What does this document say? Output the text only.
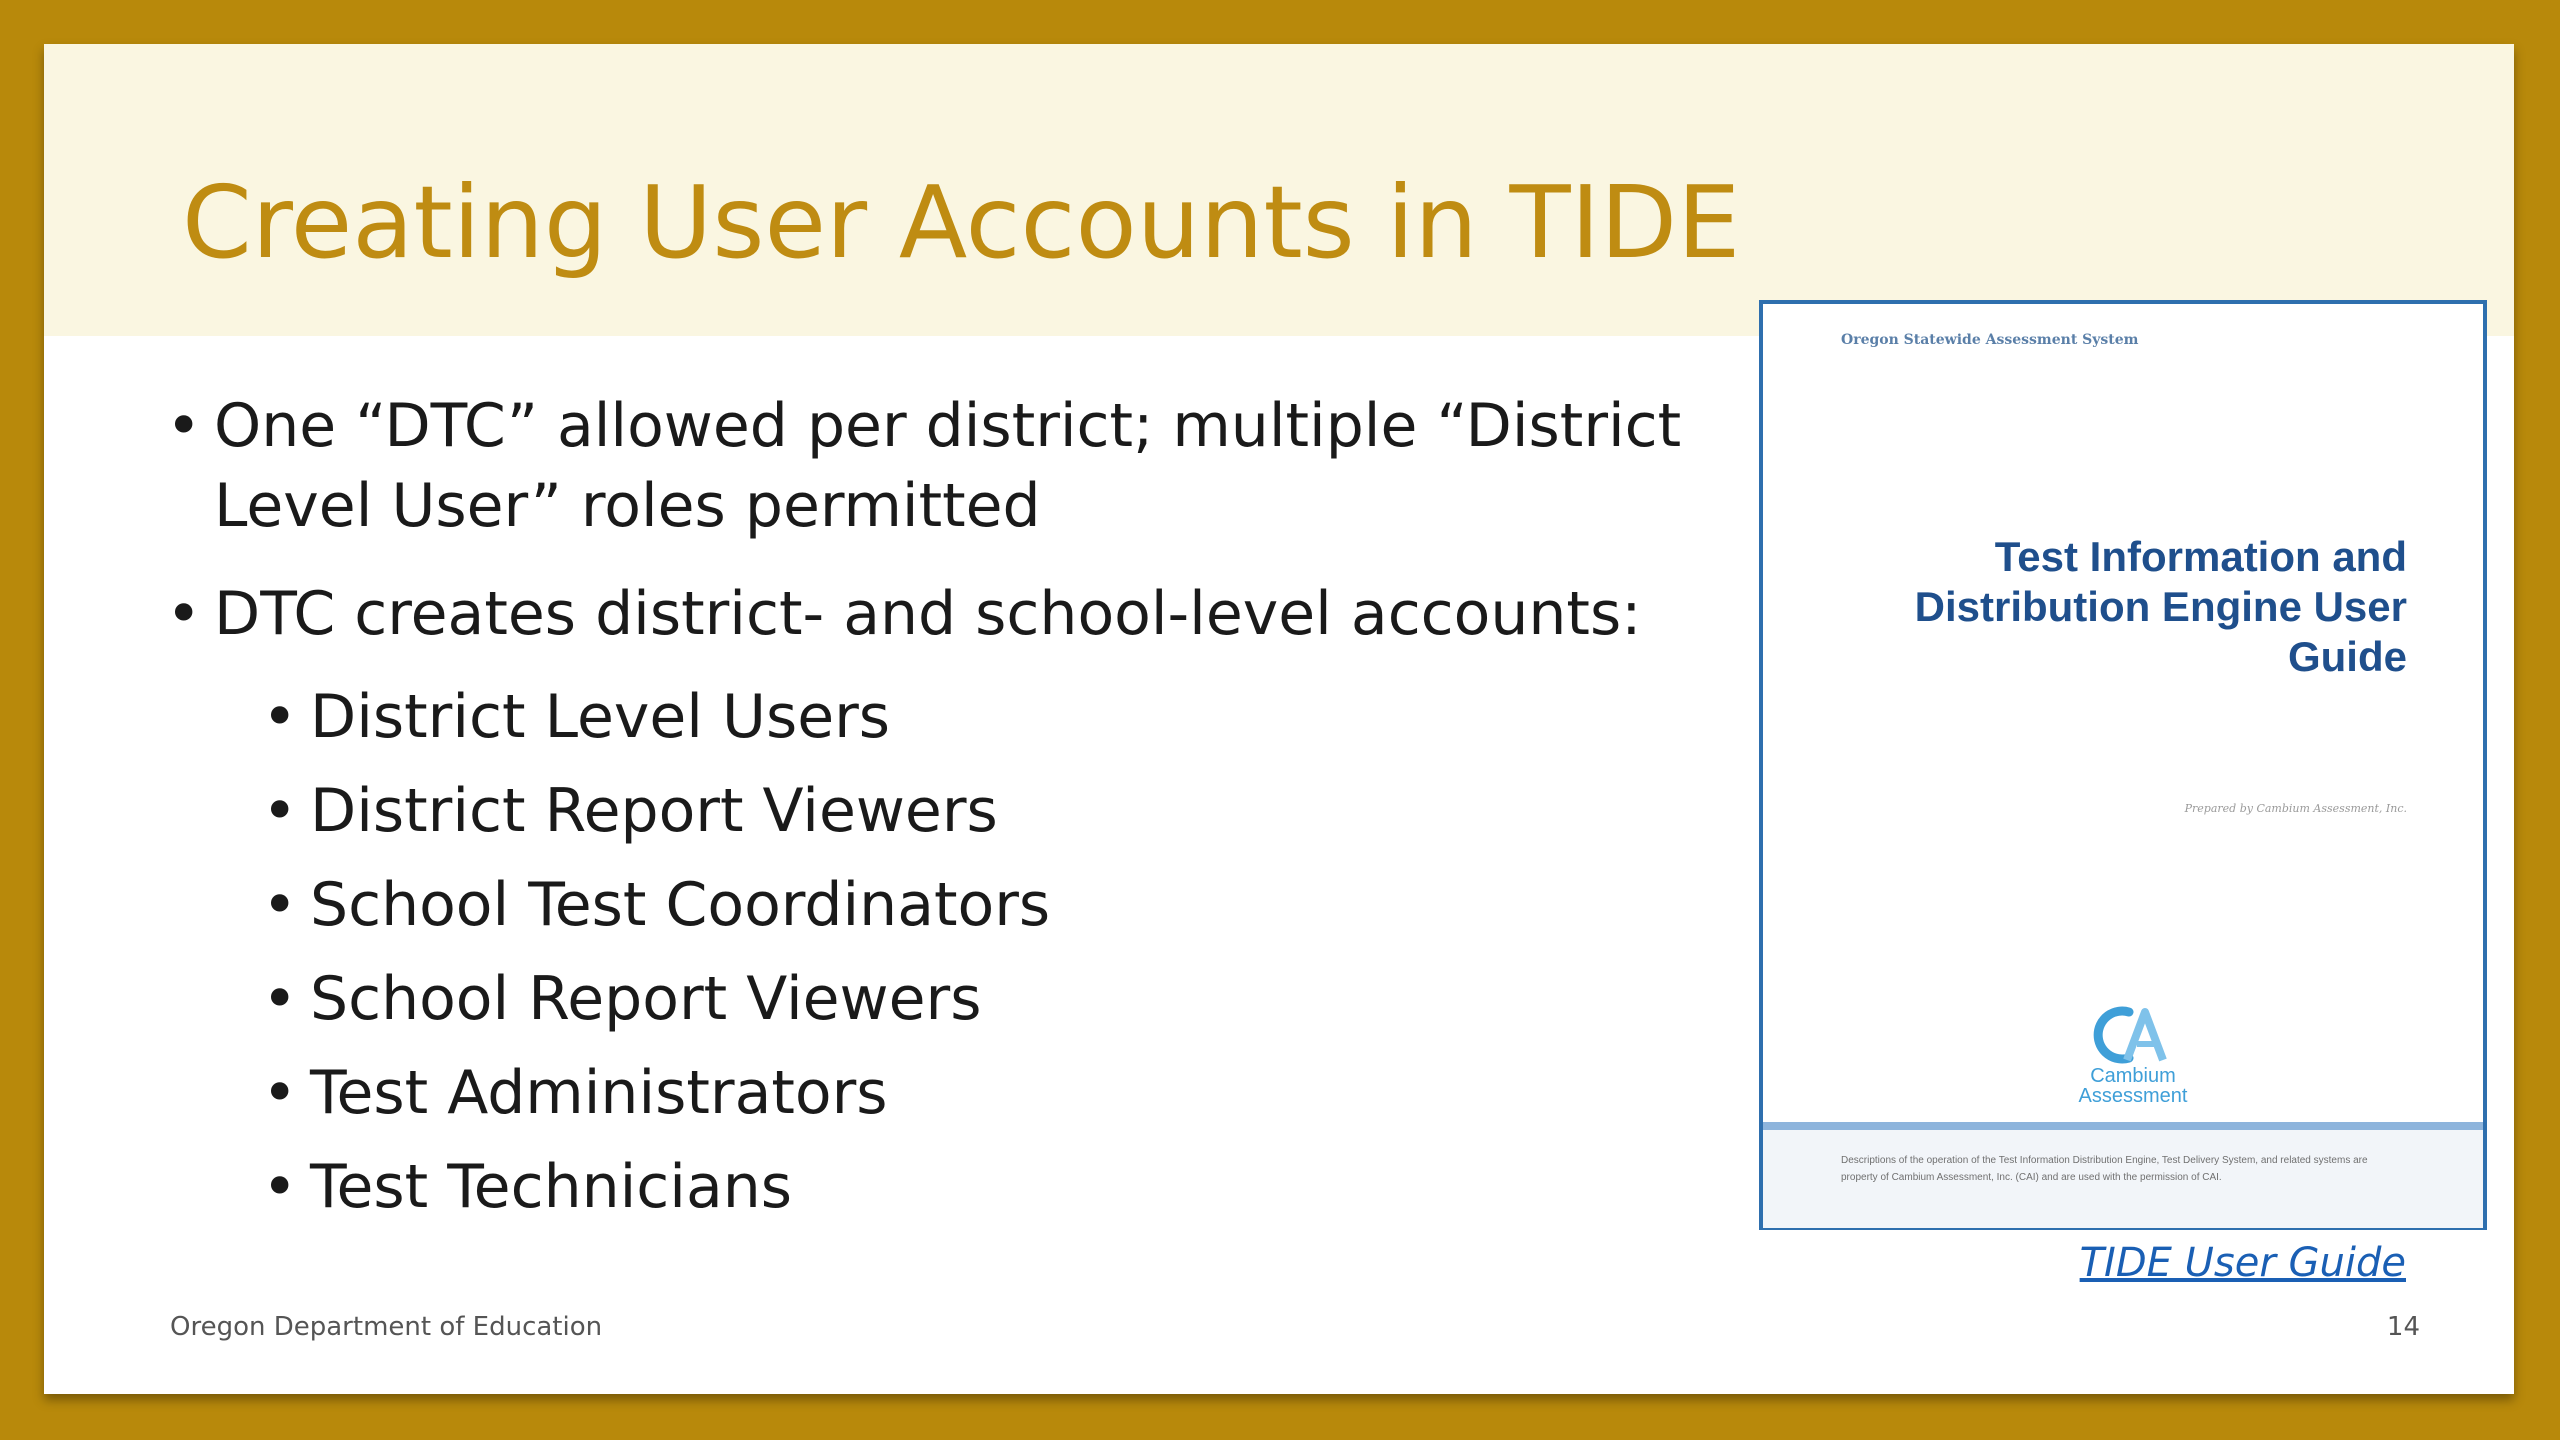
Creating User Accounts in TIDE
• One “DTC” allowed per district; multiple “District Level User” roles permitted
• DTC creates district- and school-level accounts:
• District Level Users
• District Report Viewers
• School Test Coordinators
• School Report Viewers
• Test Administrators
• Test Technicians
Oregon Statewide Assessment System
Test Information and Distribution Engine User Guide
Prepared by Cambium Assessment, Inc.
Cambium
Assessment
Descriptions of the operation of the Test Information Distribution Engine, Test Delivery System, and related systems are property of Cambium Assessment, Inc. (CAI) and are used with the permission of CAI.
TIDE User Guide
Oregon Department of Education	14
